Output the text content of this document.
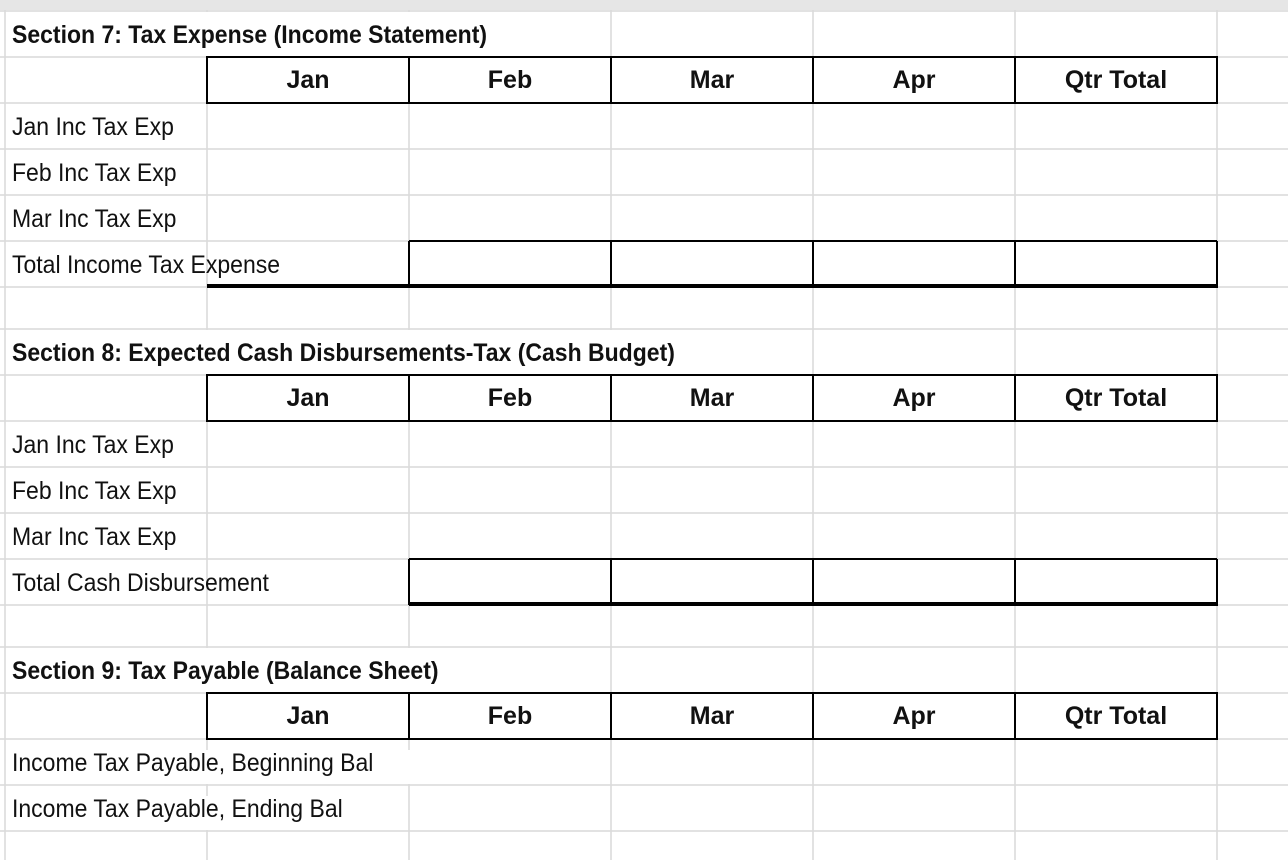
Section 7: Tax Expense (Income Statement)
Jan	Feb	Mar	Apr	Qtr Total
Jan Inc Tax Exp
Feb Inc Tax Exp
Mar Inc Tax Exp
Total Income Tax Expense
Section 8: Expected Cash Disbursements-Tax (Cash Budget)
Jan	Feb	Mar	Apr	Qtr Total
Jan Inc Tax Exp
Feb Inc Tax Exp
Mar Inc Tax Exp
Total Cash Disbursement
Section 9: Tax Payable (Balance Sheet)
Jan	Feb	Mar	Apr	Qtr Total
Income Tax Payable, Beginning Bal
Income Tax Payable, Ending Bal
